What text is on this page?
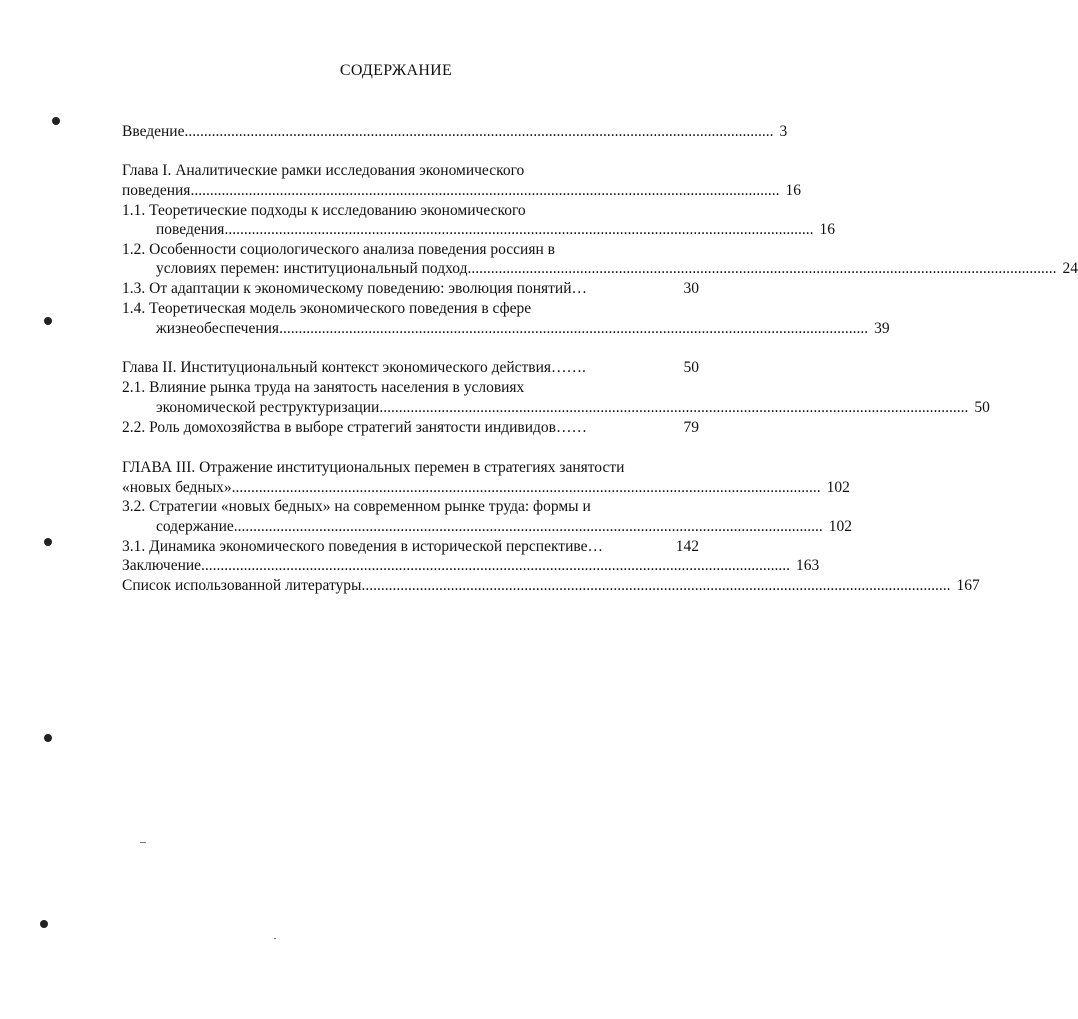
СОДЕРЖАНИЕ
Введение ........................................................................................................................................................ 3
Глава I. Аналитические рамки исследования экономического
поведения ........................................................................................................................................................ 16
1.1. Теоретические подходы к исследованию экономического
поведения ........................................................................................................................................................ 16
1.2. Особенности социологического анализа поведения россиян в
условиях перемен: институциональный подход ........................................................................................................................................................ 24
1.3. От адаптации к экономическому поведению: эволюция понятий…	30
1.4. Теоретическая модель экономического поведения в сфере
жизнеобеспечения ........................................................................................................................................................ 39
Глава II. Институциональный контекст экономического действия…….	50
2.1. Влияние рынка труда на занятость населения в условиях
экономической реструктуризации ........................................................................................................................................................ 50
2.2. Роль домохозяйства в выборе стратегий занятости индивидов……	79
ГЛАВА III. Отражение институциональных перемен в стратегиях занятости
«новых бедных» ........................................................................................................................................................ 102
3.2. Стратегии «новых бедных» на современном рынке труда: формы и
содержание ........................................................................................................................................................ 102
3.1. Динамика экономического поведения в исторической перспективе…	142
Заключение ........................................................................................................................................................ 163
Список использованной литературы ........................................................................................................................................................ 167
